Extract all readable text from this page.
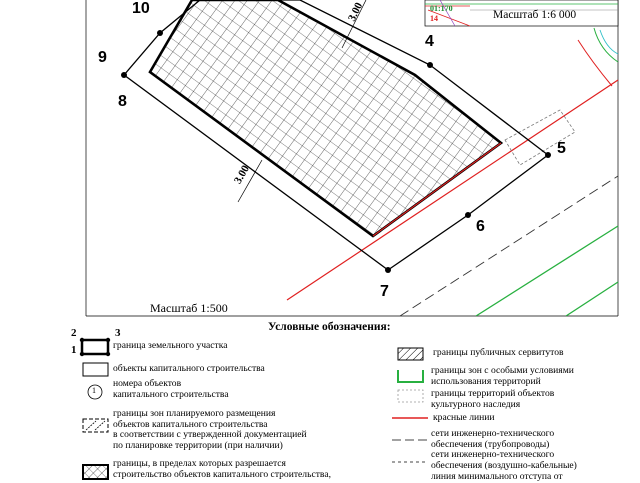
10
9
8
4
5
6
7
3.00
3.00
Масштаб 1:500
Масштаб 1:6 000
01:170
14
Условные обозначения:
2	3
1
1
граница земельного участка
объекты капитального строительства
номера объектов
капитального строительства
границы зон планируемого размещения
объектов капитального строительства
в соответствии с утвержденной документацией
по планировке территории (при наличии)
границы, в пределах которых разрешается
строительство объектов капитального строительства,
границы публичных сервитутов
границы зон с особыми условиями
использования территорий
границы территорий объектов
культурного наследия
красные линии
сети инженерно-технического
обеспечения (трубопроводы)
сети инженерно-технического
обеспечения (воздушно-кабельные)
линия минимального отступа от
